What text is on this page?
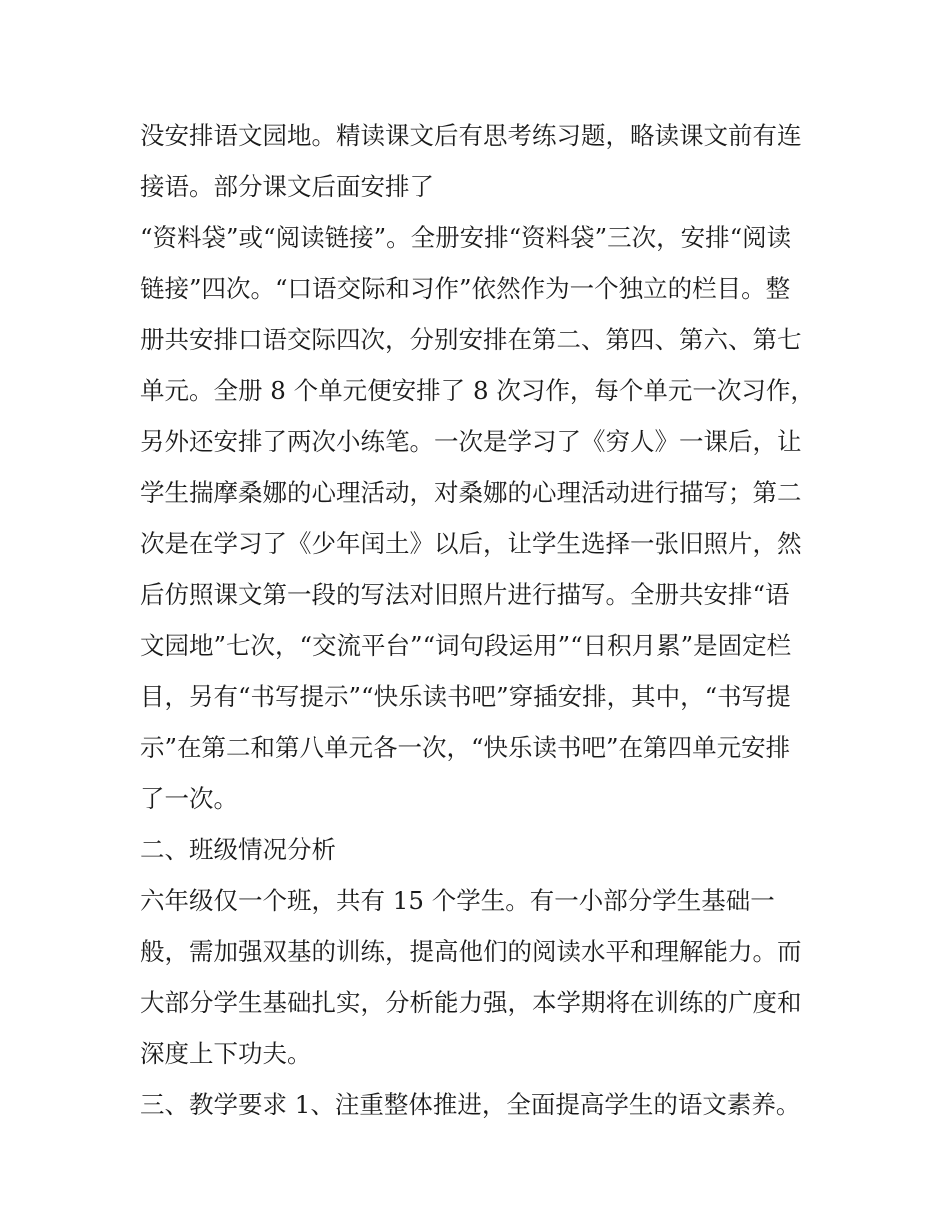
没安排语文园地。精读课文后有思考练习题，略读课文前有连
接语。部分课文后面安排了
“资料袋”或“阅读链接”。全册安排“资料袋”三次，安排“阅读
链接”四次。“口语交际和习作”依然作为一个独立的栏目。整
册共安排口语交际四次，分别安排在第二、第四、第六、第七
单元。全册 8 个单元便安排了 8 次习作，每个单元一次习作，
另外还安排了两次小练笔。一次是学习了《穷人》一课后，让
学生揣摩桑娜的心理活动，对桑娜的心理活动进行描写；第二
次是在学习了《少年闰土》以后，让学生选择一张旧照片，然
后仿照课文第一段的写法对旧照片进行描写。全册共安排“语
文园地”七次，“交流平台”“词句段运用”“日积月累”是固定栏
目，另有“书写提示”“快乐读书吧”穿插安排，其中，“书写提
示”在第二和第八单元各一次，“快乐读书吧”在第四单元安排
了一次。
二、班级情况分析
六年级仅一个班，共有 15 个学生。有一小部分学生基础一
般，需加强双基的训练，提高他们的阅读水平和理解能力。而
大部分学生基础扎实，分析能力强，本学期将在训练的广度和
深度上下功夫。
三、教学要求 1、注重整体推进，全面提高学生的语文素养。
